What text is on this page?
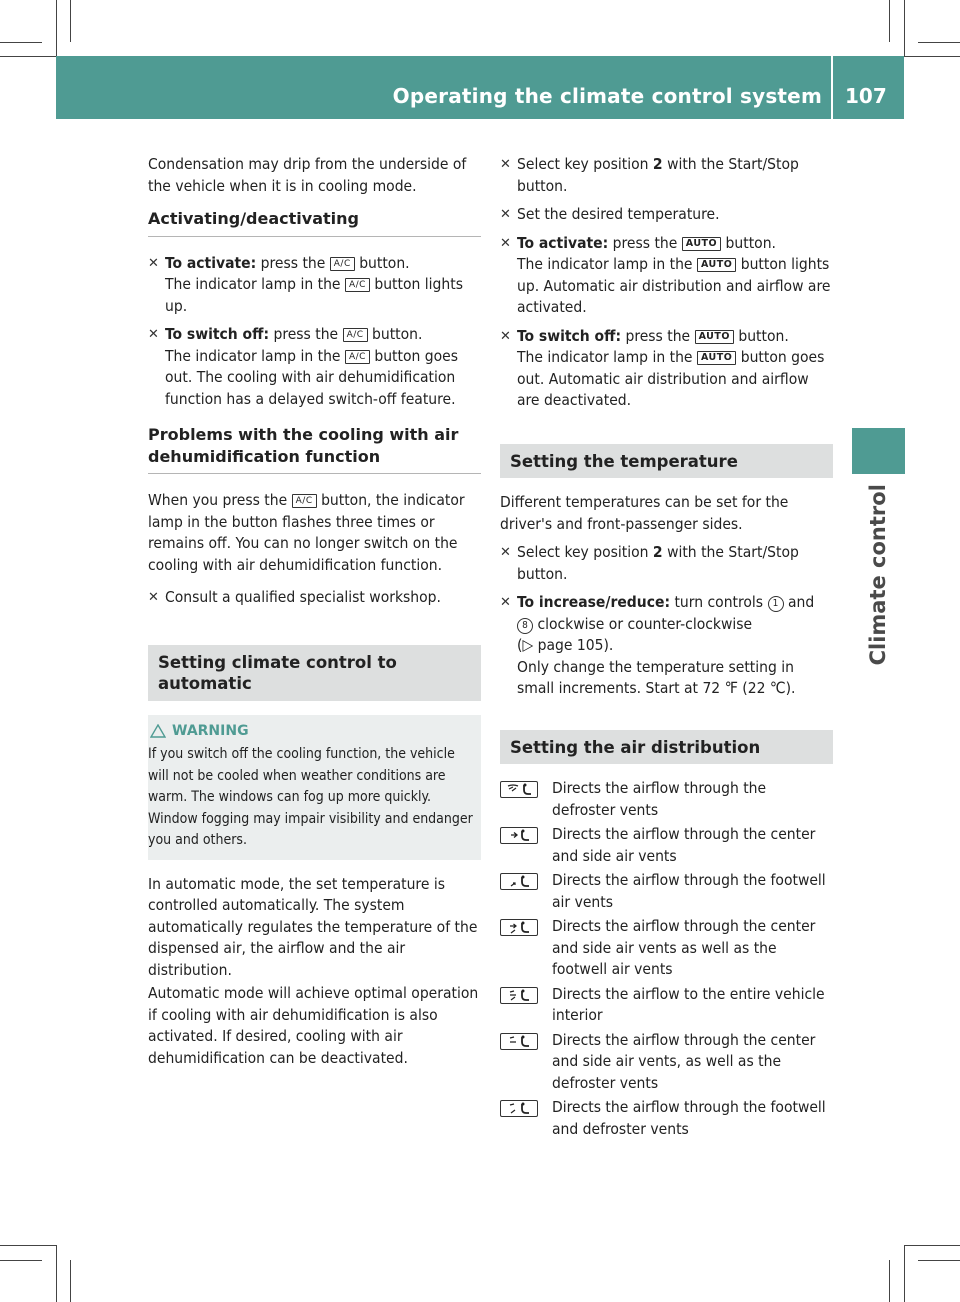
Operating the climate control system 107
Climate control

Condensation may drip from the underside of the vehicle when it is in cooling mode.

Activating/deactivating
✕ To activate: press the A/C button.
The indicator lamp in the A/C button lights up.
✕ To switch off: press the A/C button.
The indicator lamp in the A/C button goes out. The cooling with air dehumidification function has a delayed switch-off feature.
Problems with the cooling with air dehumidification function

When you press the A/C button, the indicator lamp in the button flashes three times or remains off. You can no longer switch on the cooling with air dehumidification function.

✕ Consult a qualified specialist workshop.
Setting climate control to automatic
WARNING
If you switch off the cooling function, the vehicle will not be cooled when weather conditions are warm. The windows can fog up more quickly. Window fogging may impair visibility and endanger you and others.

In automatic mode, the set temperature is controlled automatically. The system automatically regulates the temperature of the dispensed air, the airflow and the air distribution.

Automatic mode will achieve optimal operation if cooling with air dehumidification is also activated. If desired, cooling with air dehumidification can be deactivated.

✕ Select key position 2 with the Start/Stop button.
✕ Set the desired temperature.
✕ To activate: press the AUTO button.
The indicator lamp in the AUTO button lights up. Automatic air distribution and airflow are activated.
✕ To switch off: press the AUTO button.
The indicator lamp in the AUTO button goes out. Automatic air distribution and airflow are deactivated.
Setting the temperature

Different temperatures can be set for the driver's and front-passenger sides.

✕ Select key position 2 with the Start/Stop button.
✕ To increase/reduce: turn controls 1 and
8 clockwise or counter-clockwise
(▷ page 105).
Only change the temperature setting in small increments. Start at 72 ℉ (22 ℃).
Setting the air distribution
Directs the airflow through the defroster vents
Directs the airflow through the center and side air vents
Directs the airflow through the footwell air vents
Directs the airflow through the center and side air vents as well as the footwell air vents
Directs the airflow to the entire vehicle interior
Directs the airflow through the center and side air vents, as well as the defroster vents
Directs the airflow through the footwell and defroster vents
